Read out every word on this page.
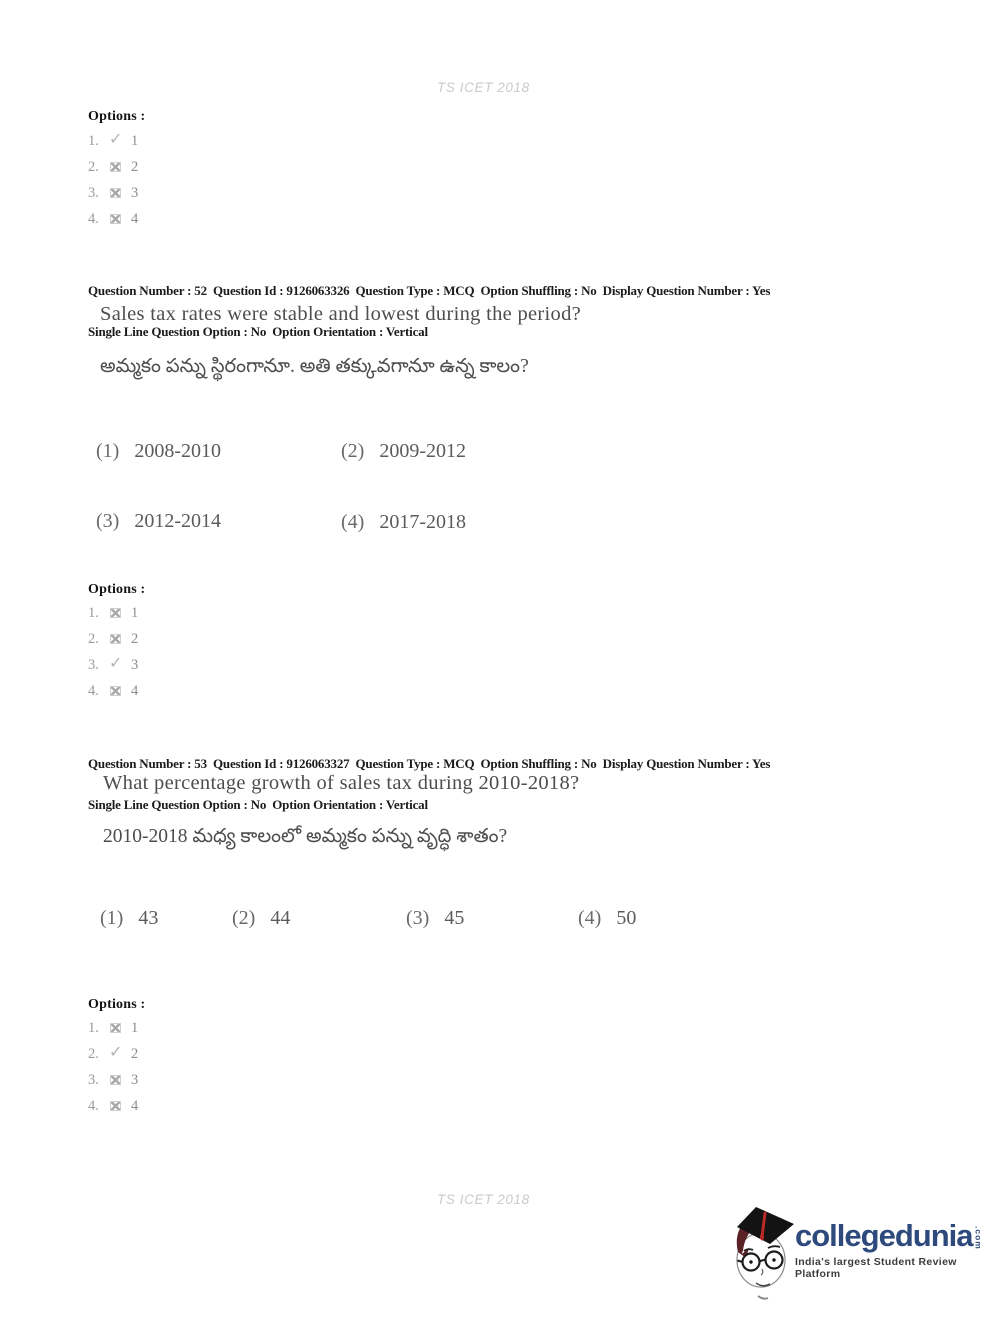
TS ICET 2018
Options :
1. ✓	1
2.	2
3.	3
4.	4

Question Number : 52  Question Id : 9126063326  Question Type : MCQ  Option Shuffling : No  Display Question Number : Yes

Single Line Question Option : No  Option Orientation : Vertical

Sales tax rates were stable and lowest during the period?
అమ్మకం పన్ను స్థిరంగానూ. అతి తక్కువగానూ ఉన్న కాలం?
(1) 2008-2010	(2) 2009-2012
(3) 2012-2014	(4) 2017-2018
Options :
1.	1
2.	2
3. ✓	3
4.	4

Question Number : 53  Question Id : 9126063327  Question Type : MCQ  Option Shuffling : No  Display Question Number : Yes

Single Line Question Option : No  Option Orientation : Vertical

What percentage growth of sales tax during 2010-2018?
2010-2018 మధ్య కాలంలో అమ్మకం పన్ను వృద్ధి శాతం?
(1) 43	(2) 44	(3) 45	(4) 50
Options :
1.	1
2. ✓	2
3.	3
4.	4
TS ICET 2018
collegedunia .com
India's largest Student Review Platform
